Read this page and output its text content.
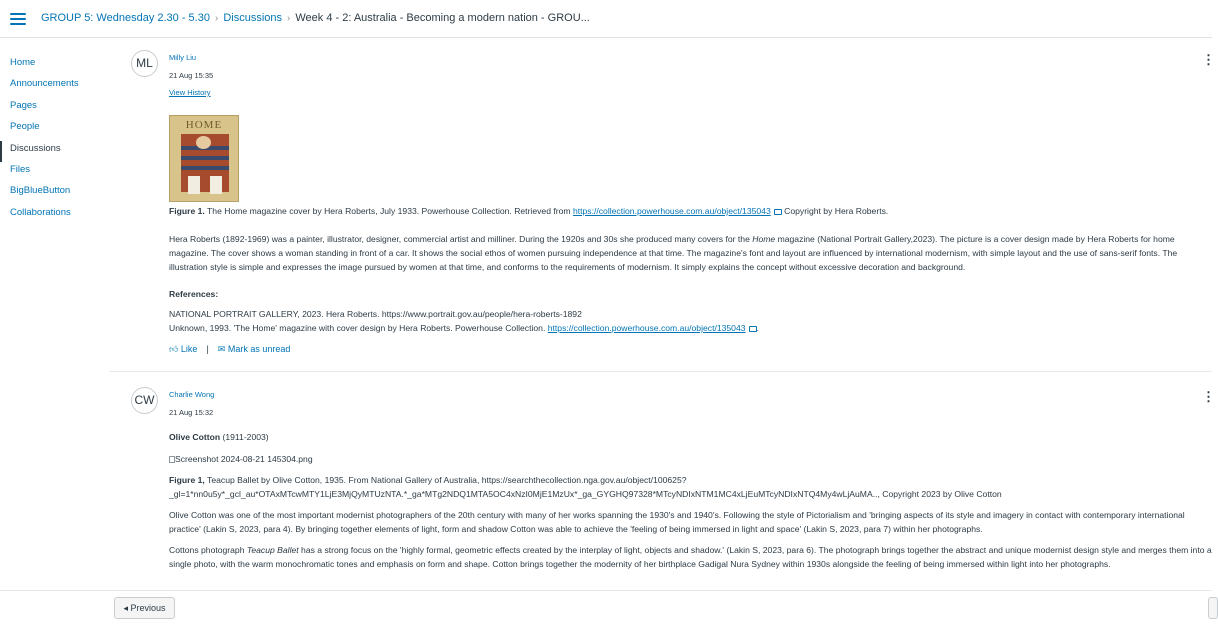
GROUP 5: Wednesday 2.30 - 5.30 › Discussions › Week 4 - 2: Australia - Becoming a modern nation - GROU...
Home
Announcements
Pages
People
Discussions
Files
BigBlueButton
Collaborations
ML	⋮
Milly Liu
21 Aug 15:35
View History
HOME
Figure 1. The Home magazine cover by Hera Roberts, July 1933. Powerhouse Collection. Retrieved from https://collection.powerhouse.com.au/object/135043 Copyright by Hera Roberts.
Hera Roberts (1892-1969) was a painter, illustrator, designer, commercial artist and milliner. During the 1920s and 30s she produced many covers for the Home magazine (National Portrait Gallery,2023). The picture is a cover design made by Hera Roberts for home magazine. The cover shows a woman standing in front of a car. It shows the social ethos of women pursuing independence at that time. The magazine's font and layout are influenced by international modernism, with simple layout and the use of sans-serif fonts. The illustration style is simple and expresses the image pursued by women at that time, and conforms to the requirements of modernism. It simply explains the concept without excessive decoration and background.
References:
NATIONAL PORTRAIT GALLERY, 2023. Hera Roberts. https://www.portrait.gov.au/people/hera-roberts-1892
Unknown, 1993. 'The Home' magazine with cover design by Hera Roberts. Powerhouse Collection. https://collection.powerhouse.com.au/object/135043 .
👍︎ Like | ✉ Mark as unread
CW	⋮
Charlie Wong
21 Aug 15:32
Olive Cotton (1911-2003)
Screenshot 2024-08-21 145304.png
Figure 1, Teacup Ballet by Olive Cotton, 1935. From National Gallery of Australia, https://searchthecollection.nga.gov.au/object/100625?
_gl=1*nn0u5y*_gcl_au*OTAxMTcwMTY1LjE3MjQyMTUzNTA.*_ga*MTg2NDQ1MTA5OC4xNzI0MjE1MzUx*_ga_GYGHQ97328*MTcyNDIxNTM1MC4xLjEuMTcyNDIxNTQ4My4wLjAuMA.., Copyright 2023 by Olive Cotton
Olive Cotton was one of the most important modernist photographers of the 20th century with many of her works spanning the 1930's and 1940's. Following the style of Pictorialism and 'bringing aspects of its style and imagery in contact with contemporary international practice' (Lakin S, 2023, para 4). By bringing together elements of light, form and shadow Cotton was able to achieve the 'feeling of being immersed in light and space' (Lakin S, 2023, para 7) within her photographs.
Cottons photograph Teacup Ballet has a strong focus on the 'highly formal, geometric effects created by the interplay of light, objects and shadow.' (Lakin S, 2023, para 6). The photograph brings together the abstract and unique modernist design style and merges them into a single photo, with the warm monochromatic tones and emphasis on form and shape. Cotton brings together the modernity of her birthplace Gadigal Nura Sydney within 1930s alongside the feeling of being immersed within light into her photographs.
◂ Previous
